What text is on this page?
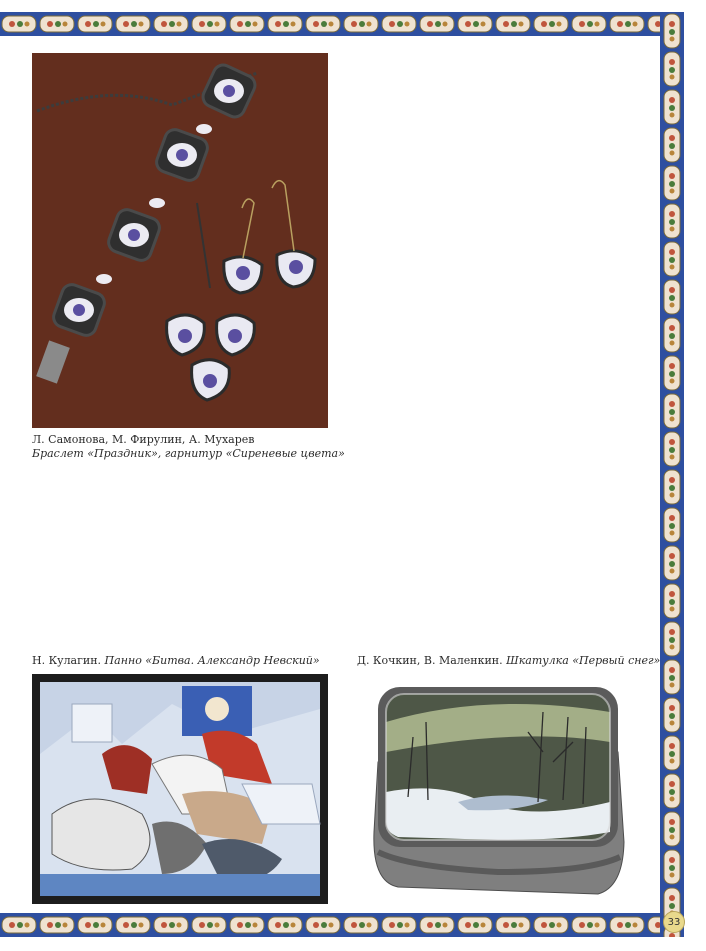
Л. Самонова, М. Фирулин, А. Мухарев
Браслет «Праздник», гарнитур «Сиреневые цвета»
Н. Кулагин. Панно «Битва. Александр Невский»	Д. Кочкин, В. Маленкин. Шкатулка «Первый снег»
33
